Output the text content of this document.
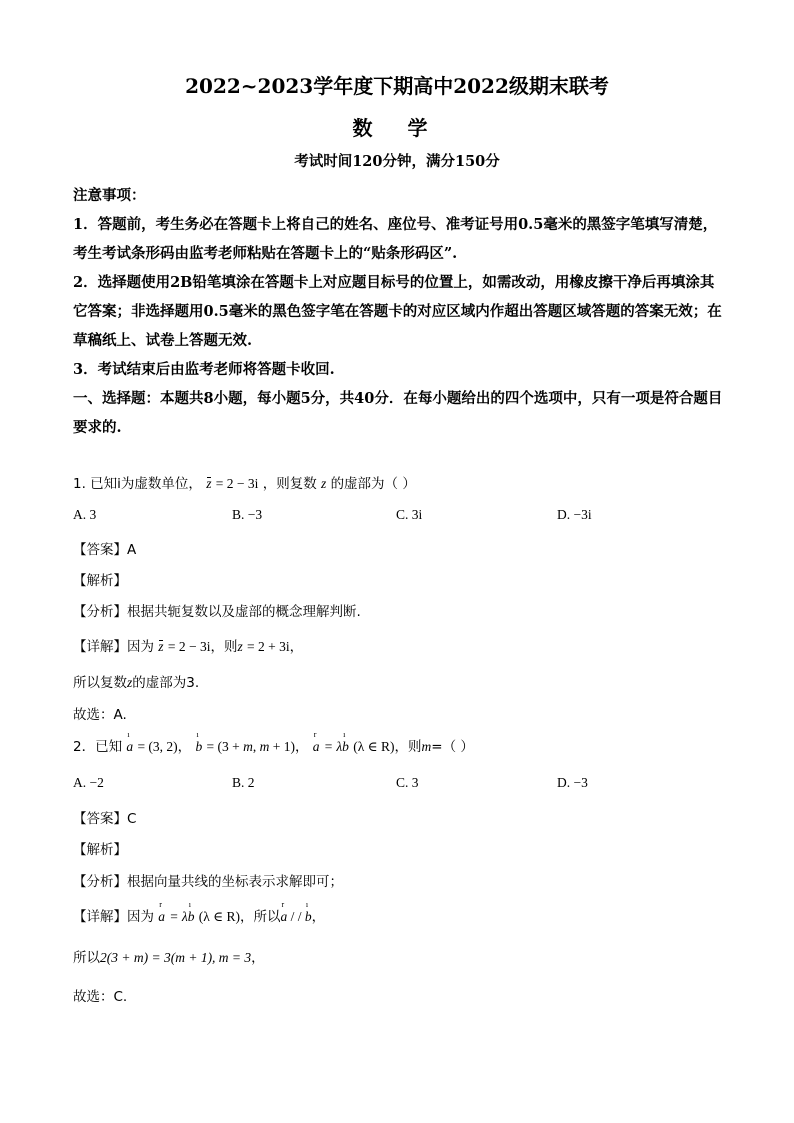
2022~2023学年度下期高中2022级期末联考
数 学
考试时间120分钟，满分150分

注意事项：

1．答题前，考生务必在答题卡上将自己的姓名、座位号、准考证号用0.5毫米的黑签字笔填写清楚，考生考试条形码由监考老师粘贴在答题卡上的“贴条形码区”.

2．选择题使用2B铅笔填涂在答题卡上对应题目标号的位置上，如需改动，用橡皮擦干净后再填涂其它答案；非选择题用0.5毫米的黑色签字笔在答题卡的对应区域内作超出答题区域答题的答案无效；在草稿纸上、试卷上答题无效.

3．考试结束后由监考老师将答题卡收回.

一、选择题：本题共8小题，每小题5分，共40分．在每小题给出的四个选项中，只有一项是符合题目要求的.

1. 已知i为虚数单位， z = 2 − 3i ，则复数 z 的虚部为（ ）
A. 3	B. −3	C. 3i	D. −3i
【答案】A
【解析】
【分析】根据共轭复数以及虚部的概念理解判断.
【详解】因为 z = 2 − 3i，则z = 2 + 3i，
所以复数z的虚部为3.
故选：A.
2．已知
ı
a = (3, 2)，
ı
b = (3 + m, m + 1)，
r
a = λ
ı
b (λ ∈ R)，则m=（ ）
A. −2	B. 2	C. 3	D. −3
【答案】C
【解析】
【分析】根据向量共线的坐标表示求解即可；
【详解】因为
r
a = λ
ı
b (λ ∈ R)，所以
r
a / /
ı
b，
所以2(3 + m) = 3(m + 1), m = 3，
故选：C.
